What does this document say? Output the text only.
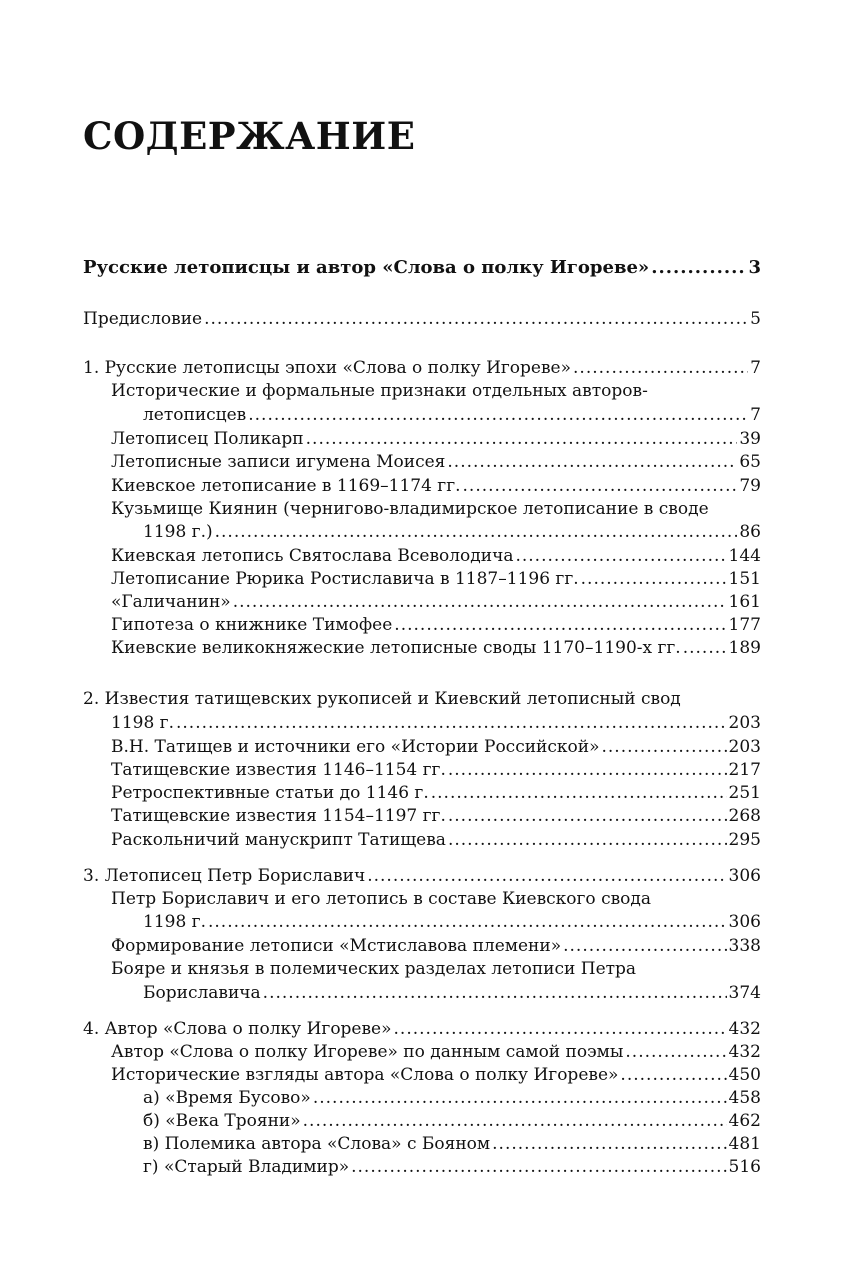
СОДЕРЖАНИЕ
Русские летописцы и автор «Слова о полку Игореве» .....	3
Предисловие .....	5
1. Русские летописцы эпохи «Слова о полку Игореве» .....	7
Исторические и формальные признаки отдельных авторов-
летописцев .....	7
Летописец Поликарп .....	39
Летописные записи игумена Моисея .....	65
Киевское летописание в 1169–1174 гг. .....	79
Кузьмище Киянин (чернигово-владимирское летописание в своде
1198 г.) .....	86
Киевская летопись Святослава Всеволодича .....	144
Летописание Рюрика Ростиславича в 1187–1196 гг. .....	151
«Галичанин» .....	161
Гипотеза о книжнике Тимофее .....	177
Киевские великокняжеские летописные своды 1170–1190-х гг. .....	189
2. Известия татищевских рукописей и Киевский летописный свод
1198 г. .....	203
В.Н. Татищев и источники его «Истории Российской» .....	203
Татищевские известия 1146–1154 гг. .....	217
Ретроспективные статьи до 1146 г. .....	251
Татищевские известия 1154–1197 гг. .....	268
Раскольничий манускрипт Татищева .....	295
3. Летописец Петр Бориславич .....	306
Петр Бориславич и его летопись в составе Киевского свода
1198 г. .....	306
Формирование летописи «Мстиславова племени» .....	338
Бояре и князья в полемических разделах летописи Петра
Бориславича .....	374
4. Автор «Слова о полку Игореве» .....	432
Автор «Слова о полку Игореве» по данным самой поэмы .....	432
Исторические взгляды автора «Слова о полку Игореве» .....	450
а) «Время Бусово» .....	458
б) «Века Трояни» .....	462
в) Полемика автора «Слова» с Бояном .....	481
г) «Старый Владимир» .....	516
